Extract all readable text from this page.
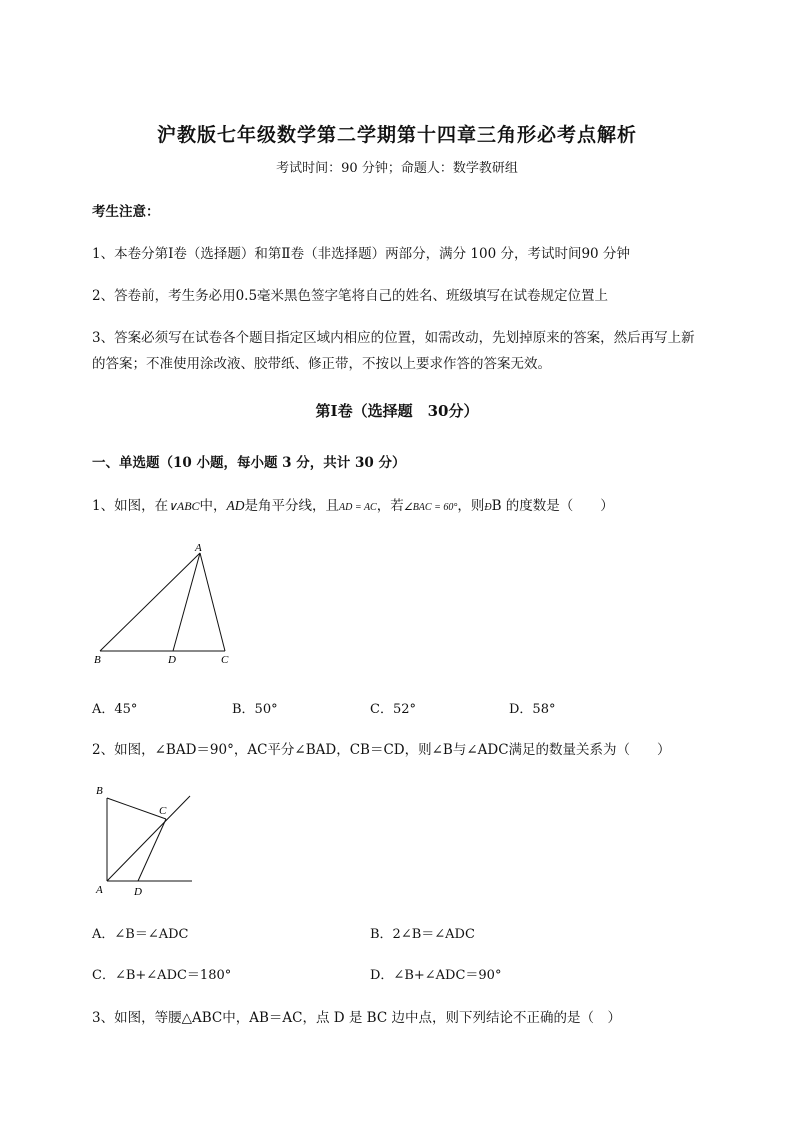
沪教版七年级数学第二学期第十四章三角形必考点解析
考试时间：90 分钟；命题人：数学教研组
考生注意：
1、本卷分第Ⅰ卷（选择题）和第Ⅱ卷（非选择题）两部分，满分 100 分，考试时间90 分钟
2、答卷前，考生务必用0.5毫米黑色签字笔将自己的姓名、班级填写在试卷规定位置上
3、答案必须写在试卷各个题目指定区域内相应的位置，如需改动，先划掉原来的答案，然后再写上新
的答案；不准使用涂改液、胶带纸、修正带，不按以上要求作答的答案无效。
第Ⅰ卷（选择题　30分）
一、单选题（10 小题，每小题 3 分，共计 30 分）
1、如图，在∨ABC中，AD是角平分线，且AD = AC，若∠BAC = 60°，则ÐB 的度数是（　　）
A
B	D	C
A．45°	B．50°	C．52°	D．58°
2、如图，∠BAD＝90°，AC平分∠BAD，CB＝CD，则∠B与∠ADC满足的数量关系为（　　）
B
C
A	D
A．∠B＝∠ADC	B．2∠B＝∠ADC
C．∠B+∠ADC＝180°	D．∠B+∠ADC＝90°
3、如图，等腰△ABC中，AB＝AC，点 D 是 BC 边中点，则下列结论不正确的是（　）
